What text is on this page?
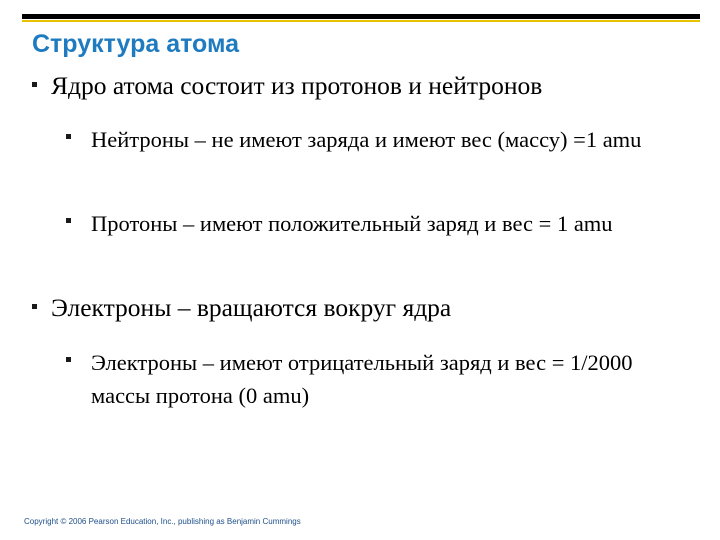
Структура атома
Ядро атома состоит из протонов и нейтронов
Нейтроны – не имеют заряда и имеют вес (массу) =1 amu
Протоны – имеют положительный заряд и вес = 1 amu
Электроны – вращаются вокруг ядра
Электроны – имеют отрицательный заряд и вес = 1/2000 массы протона (0 amu)
Copyright © 2006 Pearson Education, Inc., publishing as Benjamin Cummings
